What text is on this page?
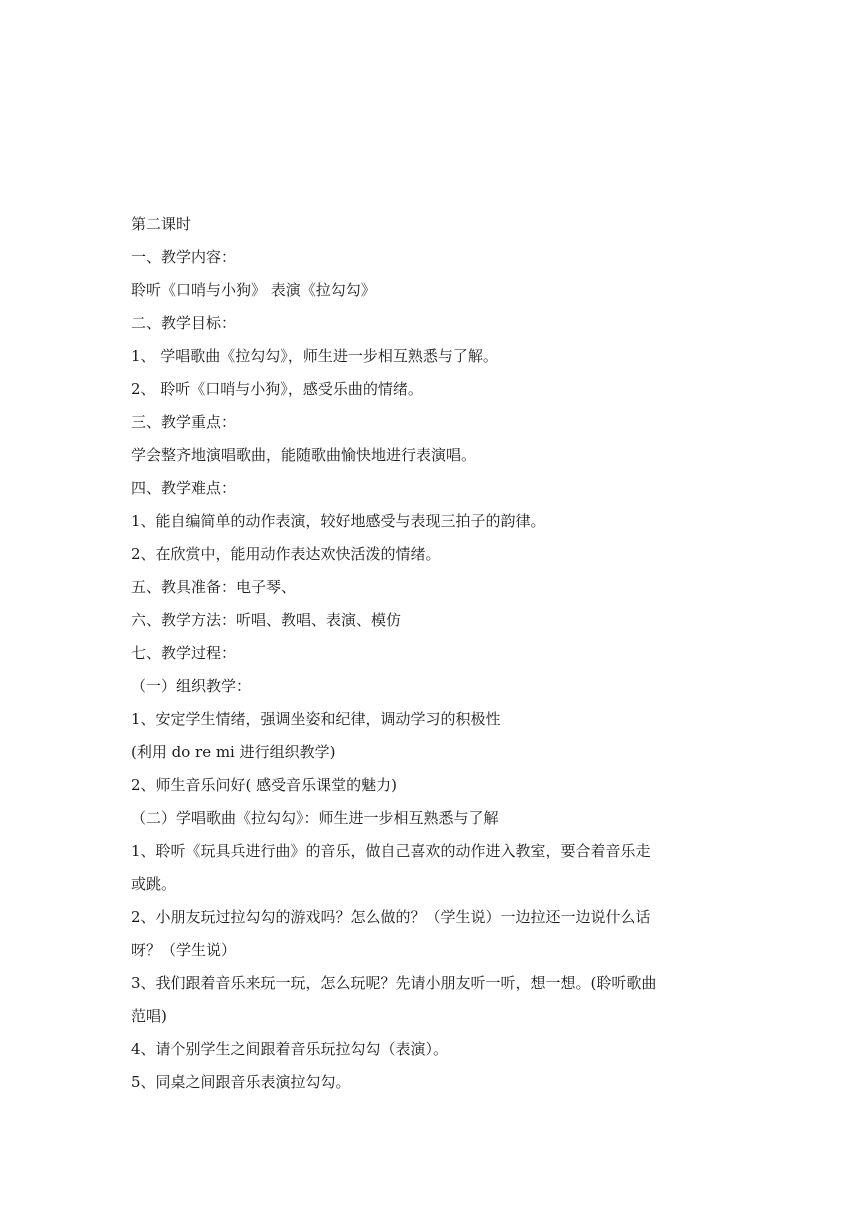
第二课时
一、教学内容：
聆听《口哨与小狗》 表演《拉勾勾》
二、教学目标：
1、 学唱歌曲《拉勾勾》，师生进一步相互熟悉与了解。
2、 聆听《口哨与小狗》，感受乐曲的情绪。
三、教学重点：
学会整齐地演唱歌曲，能随歌曲愉快地进行表演唱。
四、教学难点：
1、能自编简单的动作表演，较好地感受与表现三拍子的韵律。
2、在欣赏中，能用动作表达欢快活泼的情绪。
五、教具准备：电子琴、
六、教学方法：听唱、教唱、表演、模仿
七、教学过程：
（一）组织教学：
1、安定学生情绪，强调坐姿和纪律，调动学习的积极性
(利用 do re mi 进行组织教学)
2、师生音乐问好( 感受音乐课堂的魅力)
（二）学唱歌曲《拉勾勾》：师生进一步相互熟悉与了解
1、聆听《玩具兵进行曲》的音乐，做自己喜欢的动作进入教室，要合着音乐走
或跳。
2、小朋友玩过拉勾勾的游戏吗？怎么做的？（学生说）一边拉还一边说什么话
呀？（学生说）
3、我们跟着音乐来玩一玩，怎么玩呢？先请小朋友听一听，想一想。(聆听歌曲
范唱)
4、请个别学生之间跟着音乐玩拉勾勾（表演）。
5、同桌之间跟音乐表演拉勾勾。
